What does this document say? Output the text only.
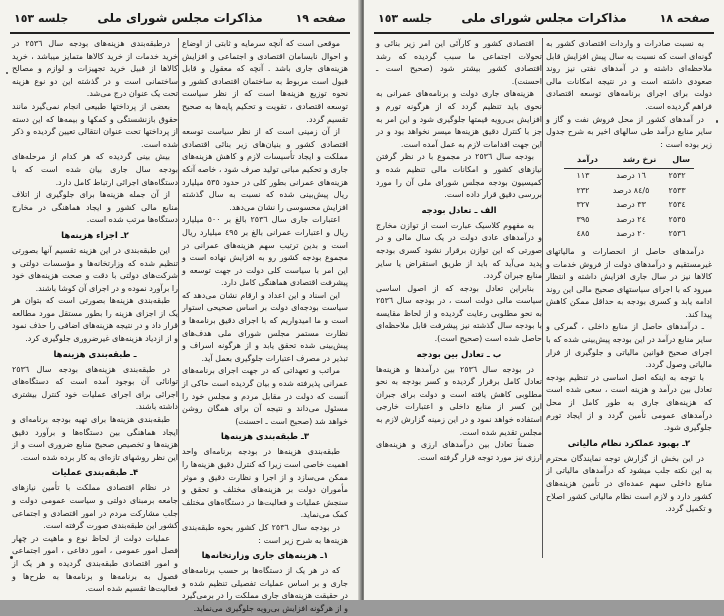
صفحه ١٩
مذاکرات مجلس شورای ملی
جلسه ١٥٣

موقعی است که آنچه سرمایه و ثابتی از اوضاع و احوال نابسامان اقتصادی و اجتماعی و افزایش هزینه‌های جاری باشد . آنچه که معقول و قابل قبول است مربوط به ساختمان اقتصادی کشور و نحوه توزیع هزینه‌ها است که از نظر سیاست توسعه اقتصادی ، تقویت و تحکیم پایه‌ها به صحیح تقسیم گردد.

از آن زمینی است که از نظر سیاست توسعه اقتصادی کشور و بنیان‌های زیر بنائی اقتصادی مملکت و ایجاد تأسیسات لازم و کاهش هزینه‌های جاری و تحکیم مبانی تولید صرف شود ، خاصه آنکه هزینه‌های عمرانی بطور کلی در حدود ٥٣٥ میلیارد ریال پیش‌بینی شده که نسبت به سال گذشته افزایش محسوسی را نشان می‌دهد.

اعتبارات جاری سال ٢٥٣٦ بالغ بر ٥٠٠ میلیارد ریال و اعتبارات عمرانی بالغ بر ٤٩٥ میلیارد ریال است و بدین ترتیب سهم هزینه‌های عمرانی در مجموع بودجه کشور رو به افزایش نهاده است و این امر با سیاست کلی دولت در جهت توسعه و پیشرفت اقتصادی هماهنگی کامل دارد.

این اسناد و این اعداد و ارقام نشان می‌دهد که سیاست بودجه‌ای دولت بر اساس صحیحی استوار است و ما امیدواریم که با اجرای دقیق برنامه‌ها و نظارت مستمر مجلس شورای ملی هدف‌های پیش‌بینی شده تحقق یابد و از هرگونه اسراف و تبذیر در مصرف اعتبارات جلوگیری بعمل آید.

مراتب و تعهداتی که در جهت اجرای برنامه‌های عمرانی پذیرفته شده و بیان گردیده است حاکی از آنست که دولت در مقابل مردم و مجلس خود را مسئول می‌داند و نتیجه آن برای همگان روشن خواهد شد (صحیح است ـ احسنت)

۳ـ طبقه‌بندی هزینه‌ها

طبقه‌بندی هزینه‌ها در بودجه برنامه‌ای واحد اهمیت خاصی است زیرا که کنترل دقیق هزینه‌ها را ممکن می‌سازد و از اجرا و نظارت دقیق و موثر مأموران دولت بر هزینه‌های مختلف و تحقق و سنجش عملیات و فعالیت‌ها در دستگاه‌های مختلف کمک می‌نماید.

در بودجه سال ٢٥٣٦ کل کشور بحوه طبقه‌بندی هزینه‌ها به شرح زیر است :

۱ـ هزینه‌های جاری وزارتخانه‌ها

که در هر یک از دستگاه‌ها بر حسب برنامه‌های جاری و بر اساس عملیات تفصیلی تنظیم شده و در حقیقت هزینه‌های جاری مملکت را در برمی‌گیرد و از هرگونه افزایش بی‌رویه جلوگیری می‌نماید.

درطبقه‌بندی هزینه‌های بودجه سال ٢٥٣٦ در خرید خدمات از خرید کالاها متمایز میباشد ، خرید کالاها از قبیل خرید تجهیزات و لوازم و مصالح ساختمانی است و در گذشته این دو نوع هزینه تحت یک عنوان درج می‌شد.

بعضی از پرداختها طبیعی انجام نمی‌گیرد مانند حقوق بازنشستگی و کمکها و بیمه‌ها که این دسته از پرداختها تحت عنوان انتقالی تعیین گردیده و ذکر شده است.

بیش بینی گردیده که هر کدام از مرحله‌های بودجه سال جاری بیان شده است که با دستگاه‌های اجرائی ارتباط کامل دارد.

از آن جمله هزینه‌ها برای جلوگیری از اتلاف منابع مالی کشور و ایجاد هماهنگی در مخارج دستگاه‌ها مرتب شده است.

۲ـ اجزاء هزینه‌ها

این طبقه‌بندی در این هزینه تقسیم آنها بصورتی تنظیم شده که وزارتخانه‌ها و مؤسسات دولتی و شرکت‌های دولتی با دقت و صحت هزینه‌های خود را برآورد نموده و در اجرای آن کوشا باشند.

طبقه‌بندی هزینه‌ها بصورتی است که بتوان هر یک از اجزای هزینه را بطور مستقل مورد مطالعه قرار داد و در نتیجه هزینه‌های اضافی را حذف نمود و از ازدیاد هزینه‌های غیرضروری جلوگیری کرد.

ـ طبقه‌بندی هزینه‌ها

در طبقه‌بندی هزینه‌های بودجه سال ٢٥٣٦ توانائی آن بوجود آمده است که دستگاه‌های اجرائی برای اجرای عملیات خود کنترل بیشتری داشته باشند.

طبقه‌بندی هزینه‌ها برای تهیه بودجه برنامه‌ای و ایجاد هماهنگی بین دستگاه‌ها و برآورد دقیق هزینه‌ها و تخصیص صحیح منابع ضروری است و از این نظر روشهای تازه‌ای به کار برده شده است.

۴ـ طبقه‌بندی عملیات

در نظام اقتصادی مملکت با تأمین نیازهای جامعه برمبنای دولتی و سیاست عمومی دولت و جلب مشارکت مردم در امور اقتصادی و اجتماعی کشور این طبقه‌بندی صورت گرفته است.

عملیات دولت از لحاظ نوع و ماهیت در چهار فصل امور عمومی ، امور دفاعی ، امور اجتماعی و امور اقتصادی طبقه‌بندی گردیده و هر یک از فصول به برنامه‌ها و برنامه‌ها به طرح‌ها و فعالیت‌ها تقسیم شده است.

صفحه ١٨
مذاکرات مجلس شورای ملی
جلسه ١٥٣

به نسبت صادرات و واردات اقتصادی کشور به گونه‌ای است که نسبت به سال پیش افزایش قابل ملاحظه‌ای داشته و در آمدهای نفتی نیز روند صعودی داشته است و در نتیجه امکانات مالی دولت برای اجرای برنامه‌های توسعه اقتصادی فراهم گردیده است.

در آمدهای کشور از محل فروش نفت و گاز و سایر منابع درآمد طی سالهای اخیر به شرح جدول زیر بوده است :

سال	نرخ رشد	درآمد
٢٥٣٢	١٦ درصد	١١٣
٢٥٣٣	٨٤/٥ درصد	٢٣٢
٢٥٣٤	٣٣ درصد	٣٢٧
٢٥٣٥	٢٤ درصد	٣٩٥
٢٥٣٦	٢٠ درصد	٤٨٥

درآمدهای حاصل از انحصارات و مالیاتهای غیرمستقیم و درآمدهای دولت از فروش خدمات و کالاها نیز در سال جاری افزایش داشته و انتظار میرود که با اجرای سیاستهای صحیح مالی این روند ادامه یابد و کسری بودجه به حداقل ممکن کاهش پیدا کند.

ـ درآمدهای حاصل از منابع داخلی ، گمرکی و سایر منابع درآمد در این بودجه پیش‌بینی شده که با اجرای صحیح قوانین مالیاتی و جلوگیری از فرار مالیاتی وصول گردد.

با توجه به اینکه اصل اساسی در تنظیم بودجه تعادل بین درآمد و هزینه است ، سعی شده است که هزینه‌های جاری به طور کامل از محل درآمدهای عمومی تأمین گردد و از ایجاد تورم جلوگیری شود.

۲ـ بهبود عملکرد نظام مالیاتی

در این بخش از گزارش توجه نمایندگان محترم به این نکته جلب میشود که درآمدهای مالیاتی از منابع داخلی سهم عمده‌ای در تأمین هزینه‌های کشور دارد و لازم است نظام مالیاتی کشور اصلاح و تکمیل گردد.

اقتصادی کشور و کارآئی این امر زیر بنائی و تحولات اجتماعی ما سبب گردیده که رشد اقتصادی کشور بیشتر شود (صحیح است ـ احسنت).

هزینه‌های جاری دولت و برنامه‌های عمرانی به نحوی باید تنظیم گردد که از هرگونه تورم و افزایش بی‌رویه قیمتها جلوگیری شود و این امر به جز با کنترل دقیق هزینه‌ها میسر نخواهد بود و در این جهت اقدامات لازم به عمل آمده است.

بودجه سال ٢٥٣٦ در مجموع با در نظر گرفتن نیازهای کشور و امکانات مالی تنظیم شده و کمیسیون بودجه مجلس شورای ملی آن را مورد بررسی دقیق قرار داده است.

الف ـ تعادل بودجه

به مفهوم کلاسیک عبارت است از توازن مخارج و درآمدهای عادی دولت در یک سال مالی و در صورتی که این توازن برقرار نشود کسری بودجه پدید می‌آید که باید از طریق استقراض یا سایر منابع جبران گردد.

بنابراین تعادل بودجه که از اصول اساسی سیاست مالی دولت است ، در بودجه سال ٢٥٣٦ به نحو مطلوبی رعایت گردیده و از لحاظ مقایسه با بودجه سال گذشته نیز پیشرفت قابل ملاحظه‌ای حاصل شده است (صحیح است).

ب ـ تعادل بین بودجه

در بودجه سال ٢٥٣٦ بین درآمدها و هزینه‌ها تعادل کامل برقرار گردیده و کسر بودجه به نحو مطلوبی کاهش یافته است و دولت برای جبران این کسر از منابع داخلی و اعتبارات خارجی استفاده خواهد نمود و در این زمینه گزارش لازم به مجلس تقدیم شده است.

ضمناً تعادل بین درآمدهای ارزی و هزینه‌های ارزی نیز مورد توجه قرار گرفته است.
